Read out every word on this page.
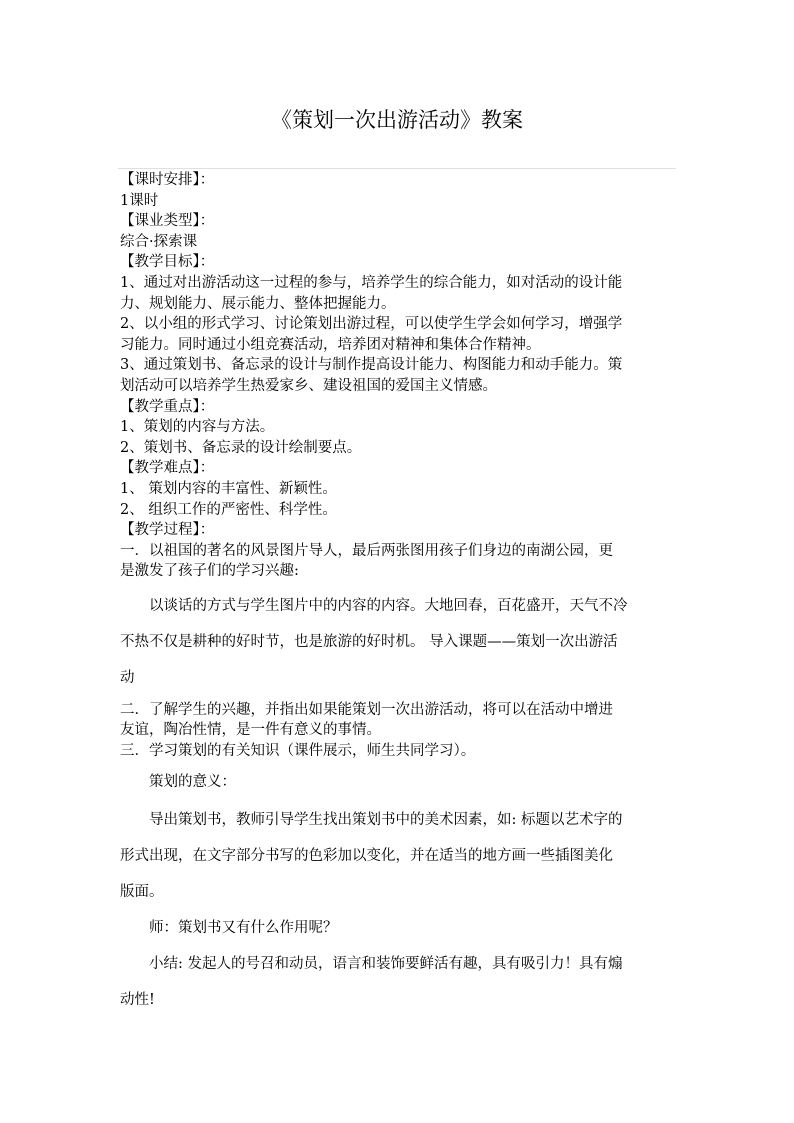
《策划一次出游活动》教案
【课时安排】：
1课时
【课业类型】：
综合·探索课
【教学目标】：
1、通过对出游活动这一过程的参与，培养学生的综合能力，如对活动的设计能
力、规划能力、展示能力、整体把握能力。
2、以小组的形式学习、讨论策划出游过程，可以使学生学会如何学习，增强学
习能力。同时通过小组竞赛活动，培养团对精神和集体合作精神。
3、通过策划书、备忘录的设计与制作提高设计能力、构图能力和动手能力。策
划活动可以培养学生热爱家乡、建设祖国的爱国主义情感。
【教学重点】：
1、策划的内容与方法。
2、策划书、备忘录的设计绘制要点。
【教学难点】：
1、 策划内容的丰富性、新颖性。
2、 组织工作的严密性、科学性。
【教学过程】：
一．以祖国的著名的风景图片导人，最后两张图用孩子们身边的南湖公园，更
是激发了孩子们的学习兴趣:
以谈话的方式与学生图片中的内容的内容。大地回春，百花盛开，天气不冷
不热不仅是耕种的好时节，也是旅游的好时机。 导入课题——策划一次出游活
动
二．了解学生的兴趣，并指出如果能策划一次出游活动，将可以在活动中增进
友谊，陶冶性情，是一件有意义的事情。
三．学习策划的有关知识（课件展示，师生共同学习）。
策划的意义：
导出策划书，教师引导学生找出策划书中的美术因素，如: 标题以艺术字的
形式出现，在文字部分书写的色彩加以变化，并在适当的地方画一些插图美化
版面。
师：策划书又有什么作用呢？
小结: 发起人的号召和动员，语言和装饰要鲜活有趣，具有吸引力！具有煽
动性!
